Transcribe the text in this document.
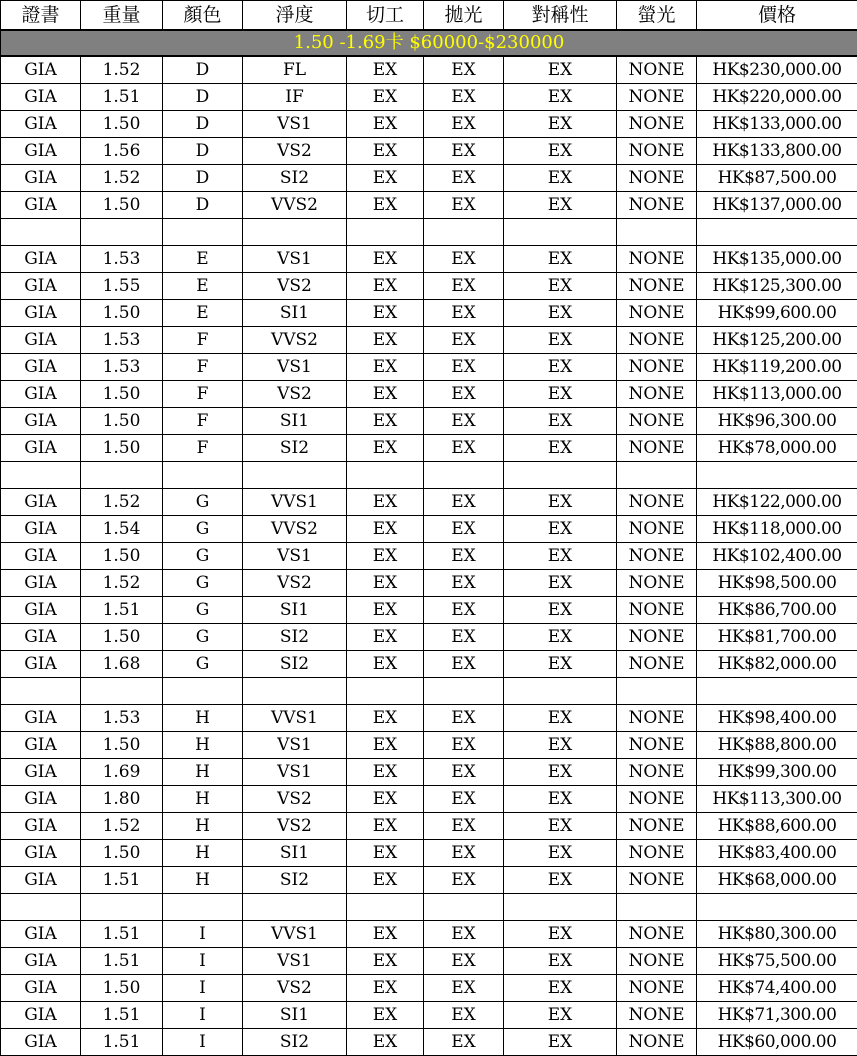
證書	重量	顏色	淨度	切工	拋光	對稱性	螢光	價格
1.50 -1.69卡 $60000-$230000								
GIA	1.52	D	FL	EX	EX	EX	NONE	HK$230,000.00
GIA	1.51	D	IF	EX	EX	EX	NONE	HK$220,000.00
GIA	1.50	D	VS1	EX	EX	EX	NONE	HK$133,000.00
GIA	1.56	D	VS2	EX	EX	EX	NONE	HK$133,800.00
GIA	1.52	D	SI2	EX	EX	EX	NONE	HK$87,500.00
GIA	1.50	D	VVS2	EX	EX	EX	NONE	HK$137,000.00

GIA	1.53	E	VS1	EX	EX	EX	NONE	HK$135,000.00
GIA	1.55	E	VS2	EX	EX	EX	NONE	HK$125,300.00
GIA	1.50	E	SI1	EX	EX	EX	NONE	HK$99,600.00
GIA	1.53	F	VVS2	EX	EX	EX	NONE	HK$125,200.00
GIA	1.53	F	VS1	EX	EX	EX	NONE	HK$119,200.00
GIA	1.50	F	VS2	EX	EX	EX	NONE	HK$113,000.00
GIA	1.50	F	SI1	EX	EX	EX	NONE	HK$96,300.00
GIA	1.50	F	SI2	EX	EX	EX	NONE	HK$78,000.00

GIA	1.52	G	VVS1	EX	EX	EX	NONE	HK$122,000.00
GIA	1.54	G	VVS2	EX	EX	EX	NONE	HK$118,000.00
GIA	1.50	G	VS1	EX	EX	EX	NONE	HK$102,400.00
GIA	1.52	G	VS2	EX	EX	EX	NONE	HK$98,500.00
GIA	1.51	G	SI1	EX	EX	EX	NONE	HK$86,700.00
GIA	1.50	G	SI2	EX	EX	EX	NONE	HK$81,700.00
GIA	1.68	G	SI2	EX	EX	EX	NONE	HK$82,000.00

GIA	1.53	H	VVS1	EX	EX	EX	NONE	HK$98,400.00
GIA	1.50	H	VS1	EX	EX	EX	NONE	HK$88,800.00
GIA	1.69	H	VS1	EX	EX	EX	NONE	HK$99,300.00
GIA	1.80	H	VS2	EX	EX	EX	NONE	HK$113,300.00
GIA	1.52	H	VS2	EX	EX	EX	NONE	HK$88,600.00
GIA	1.50	H	SI1	EX	EX	EX	NONE	HK$83,400.00
GIA	1.51	H	SI2	EX	EX	EX	NONE	HK$68,000.00

GIA	1.51	I	VVS1	EX	EX	EX	NONE	HK$80,300.00
GIA	1.51	I	VS1	EX	EX	EX	NONE	HK$75,500.00
GIA	1.50	I	VS2	EX	EX	EX	NONE	HK$74,400.00
GIA	1.51	I	SI1	EX	EX	EX	NONE	HK$71,300.00
GIA	1.51	I	SI2	EX	EX	EX	NONE	HK$60,000.00
